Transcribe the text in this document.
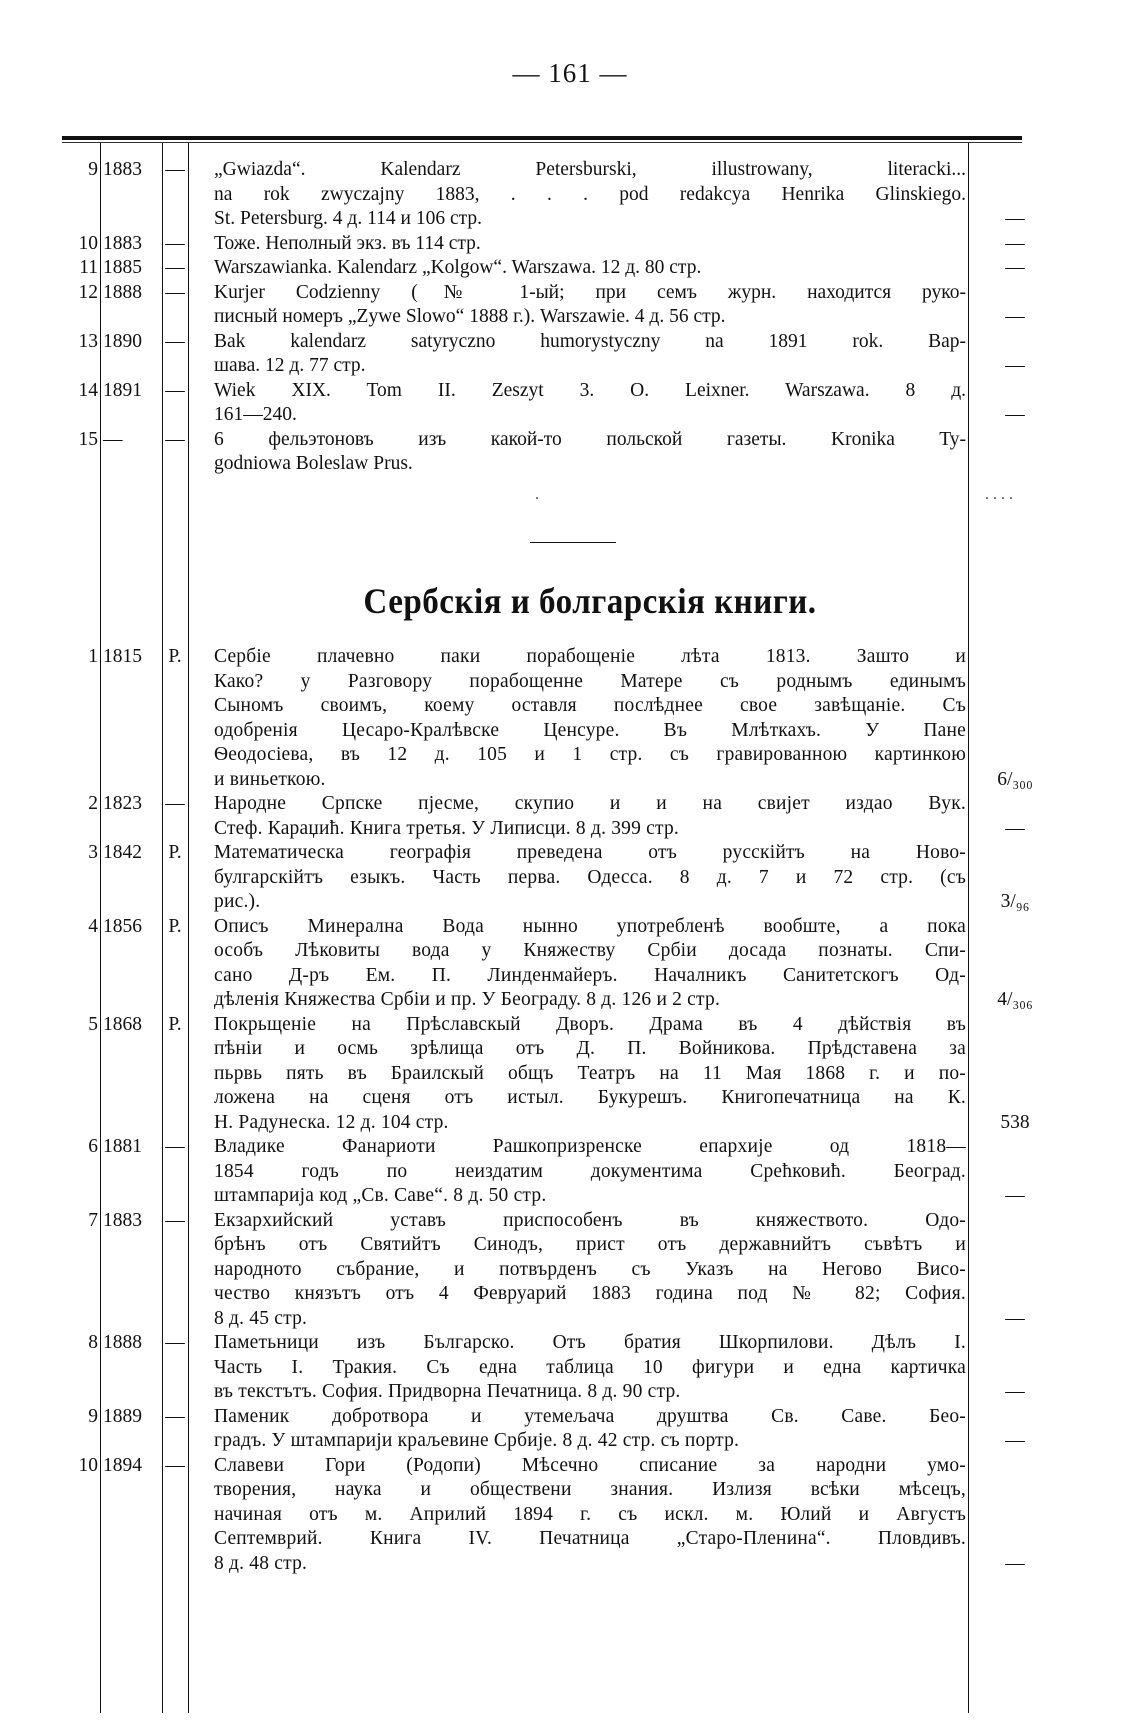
— 161 —
9 1883	— „Gwiazda“. Kalendarz Petersburski, illustrowany, literacki...
na rok zwyczajny 1883, . . . pod redakcya Henrika Glinskiego.
St. Petersburg. 4 д. 114 и 106 стр.	—
10 1883	— Тоже. Неполный экз. въ 114 стр.	—
11 1885	— Warszawianka. Kalendarz „Kolgow“. Warszawa. 12 д. 80 стр.	—
12 1888	— Kurjer Codzienny (№ 1-ый; при семъ журн. находится руко-
писный номеръ „Zywe Slowo“ 1888 г.). Warszawie. 4 д. 56 стр.	—
13 1890	— Bak kalendarz satyryczno humorystyczny na 1891 rok. Вар-
шава. 12 д. 77 стр.	—
14 1891	— Wiek XIX. Tom II. Zeszyt 3. O. Leixner. Warszawa. 8 д.
161—240.	—
15 —	— 6 фельэтоновъ изъ какой-то польской газеты. Kronika Ty-
godniowa Boleslaw Prus.
. . . .
.
Сербскія и болгарскія книги.
1 1815	Р. Сербіе плачевно паки порабощеніе лѣта 1813. Зашто и
Како? у Разговору порабощенне Матере съ роднымъ единымъ
Сыномъ своимъ, коему оставля послѣднее свое завѣщаніе. Съ
одобренія Цесаро-Кралѣвске Ценсуре. Въ Млѣткахъ. У Пане
Ѳеодосіева, въ 12 д. 105 и 1 стр. съ гравированною картинкою
и виньеткою.	6/₃₀₀
2 1823	— Народне Српске пјесме, скупио и и на свијет издао Вук.
Стеф. Караџић. Книга третья. У Липисци. 8 д. 399 стр.	—
3 1842	Р. Математическа географія преведена отъ русскійтъ на Ново-
булгарскійтъ езыкъ. Часть перва. Одесса. 8 д. 7 и 72 стр. (съ
рис.).	3/₉₆
4 1856	Р. Описъ Минерална Вода нынно употребленѣ вообште, а пока
особъ Лѣковиты вода у Княжеству Србіи досада познаты. Спи-
сано Д-ръ Ем. П. Линденмайеръ. Началникъ Санитетскогъ Од-
дѣленія Княжества Србіи и пр. У Београду. 8 д. 126 и 2 стр.	4/₃₀₆
5 1868	Р. Покрьщеніе на Прѣславскый Дворъ. Драма въ 4 дѣйствія въ
пѣніи и осмь зрѣлища отъ Д. П. Войникова. Прѣдставена за
пьрвь пять въ Браилскый общъ Театръ на 11 Мая 1868 г. и по-
ложена на сценя отъ истыл. Букурешъ. Книгопечатница на К.
Н. Радунеска. 12 д. 104 стр.	538
6 1881	— Владике Фанариоти Рашкопризренске епархије од 1818—
1854 годъ по неиздатим документима Срећковић. Београд.
штампарија код „Св. Саве“. 8 д. 50 стр.	—
7 1883	— Екзархийский уставъ приспособенъ въ княжеството. Одо-
брѣнъ отъ Святийтъ Синодъ, прист отъ державнийтъ съвѣтъ и
народното събрание, и потвърденъ съ Указъ на Негово Висо-
чество князътъ отъ 4 Февруарий 1883 година под № 82; София.
8 д. 45 стр.	—
8 1888	— Паметьници изъ Българско. Отъ братия Шкорпилови. Дѣлъ І.
Часть І. Тракия. Съ една таблица 10 фигури и една картичка
въ текстътъ. София. Придворна Печатница. 8 д. 90 стр.	—
9 1889	— Паменик добротвора и утемељача друштва Св. Саве. Бео-
градъ. У штампарији краљевине Србије. 8 д. 42 стр. съ портр.	—
10 1894	— Славеви Гори (Родопи) Мѣсечно списание за народни умо-
творения, наука и обществени знания. Излизя всѣки мѣсецъ,
начиная отъ м. Априлий 1894 г. съ искл. м. Юлий и Августъ
Септемврий. Книга IV. Печатница „Старо-Пленина“. Пловдивъ.
8 д. 48 стр.	—
